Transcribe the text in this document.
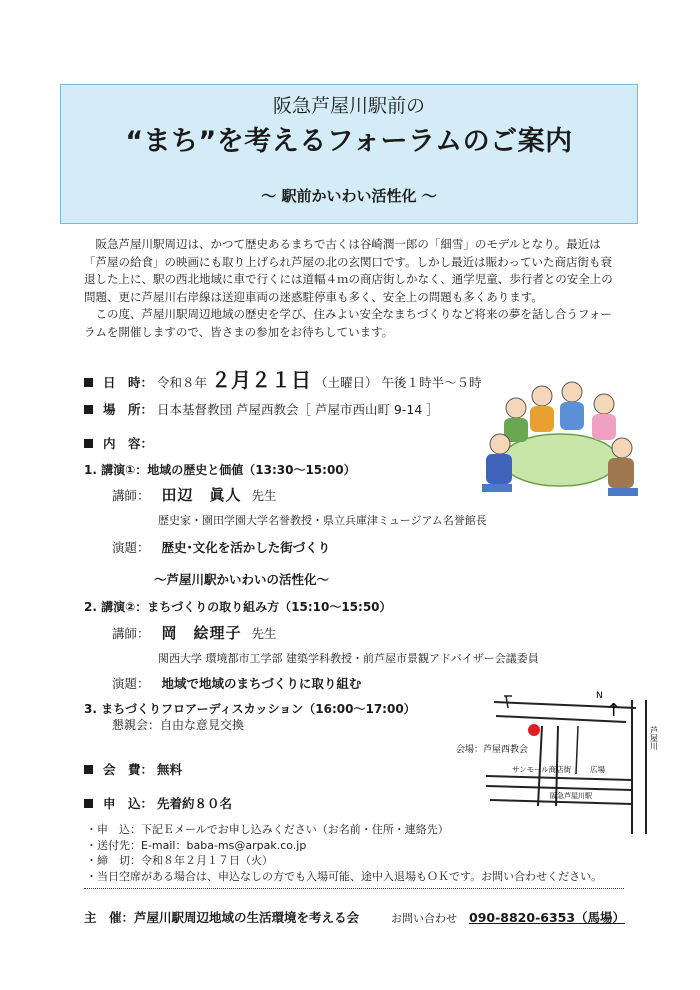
阪急芦屋川駅前の
“まち”を考えるフォーラムのご案内
～ 駅前かいわい活性化 ～

阪急芦屋川駅周辺は、かつて歴史あるまちで古くは谷崎潤一郎の「細雪」のモデルとなり。最近は「芦屋の給食」の映画にも取り上げられ芦屋の北の玄関口です。しかし最近は賑わっていた商店街も衰退した上に、駅の西北地域に車で行くには道幅４ｍの商店街しかなく、通学児童、歩行者との安全上の問題、更に芦屋川右岸線は送迎車両の迷惑駐停車も多く、安全上の問題も多くあります。

この度、芦屋川駅周辺地域の歴史を学び、住みよい安全なまちづくりなど将来の夢を話し合うフォーラムを開催しますので、皆さまの参加をお待ちしています。

日　時： 令和８年 ２月２１日 （土曜日） 午後１時半～５時
場　所： 日本基督教団 芦屋西教会［ 芦屋市西山町 9-14 ］
内　容：
1. 講演①：地域の歴史と価値（13:30～15:00）
講師： 田辺　眞人 先生
歴史家・園田学園大学名誉教授・県立兵庫津ミュージアム名誉館長
演題： 歴史･文化を活かした街づくり
～芦屋川駅かいわいの活性化～
2. 講演②：まちづくりの取り組み方（15:10～15:50）
講師： 岡　絵理子 先生
関西大学 環境都市工学部 建築学科教授・前芦屋市景観アドバイザー会議委員
演題： 地域で地域のまちづくりに取り組む
3. まちづくりフロアーディスカッション（16:00～17:00）
懇親会：自由な意見交換
会　費： 無料
申　込： 先着約８０名
・申　込：下記Ｅメールでお申し込みください（お名前・住所・連絡先）
・送付先：E-mail：baba-ms@arpak.co.jp
・締　切：令和８年２月１７日（火）
・当日空席がある場合は、申込なしの方でも入場可能、途中入退場もＯＫです。お問い合わせください。
主　催：芦屋川駅周辺地域の生活環境を考える会	お問い合わせ 090-8820-6353（馬場）
N
↑
会場：芦屋西教会
サンモール商店街	広場
阪急芦屋川駅
芦屋川
